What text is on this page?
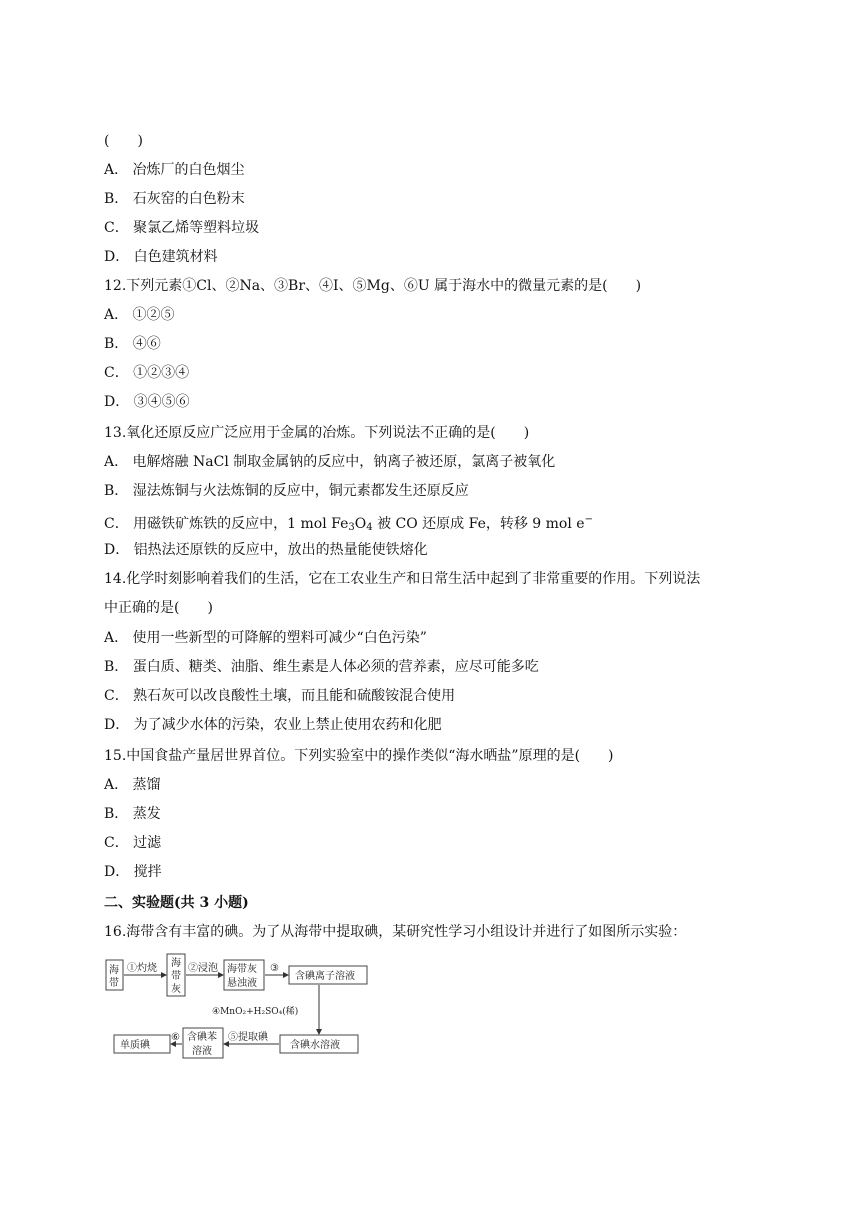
(　　)
A． 冶炼厂的白色烟尘
B． 石灰窑的白色粉末
C． 聚氯乙烯等塑料垃圾
D． 白色建筑材料
12.下列元素①Cl、②Na、③Br、④I、⑤Mg、⑥U 属于海水中的微量元素的是(　　)
A． ①②⑤
B． ④⑥
C． ①②③④
D． ③④⑤⑥
13.氧化还原反应广泛应用于金属的冶炼。下列说法不正确的是(　　)
A． 电解熔融 NaCl 制取金属钠的反应中，钠离子被还原，氯离子被氧化
B． 湿法炼铜与火法炼铜的反应中，铜元素都发生还原反应
C． 用磁铁矿炼铁的反应中，1 mol $Fe_3O_4$ 被 CO 还原成 Fe，转移 9 mol e−
D． 铝热法还原铁的反应中，放出的热量能使铁熔化
14.化学时刻影响着我们的生活，它在工农业生产和日常生活中起到了非常重要的作用。下列说法
中正确的是(　　)
A． 使用一些新型的可降解的塑料可减少“白色污染”
B． 蛋白质、糖类、油脂、维生素是人体必须的营养素，应尽可能多吃
C． 熟石灰可以改良酸性土壤，而且能和硫酸铵混合使用
D． 为了减少水体的污染，农业上禁止使用农药和化肥
15.中国食盐产量居世界首位。下列实验室中的操作类似“海水晒盐”原理的是(　　)
A． 蒸馏
B． 蒸发
C． 过滤
D． 搅拌
二、实验题(共 3 小题)
16.海带含有丰富的碘。为了从海带中提取碘，某研究性学习小组设计并进行了如图所示实验：
海
带
①灼烧 海
带
灰
②浸泡 海带灰
悬浊液
③
含碘离子溶液
④MnO₂+H₂SO₄(稀)
含碘水溶液
⑤提取碘
含碘苯
溶液
⑥
单质碘
